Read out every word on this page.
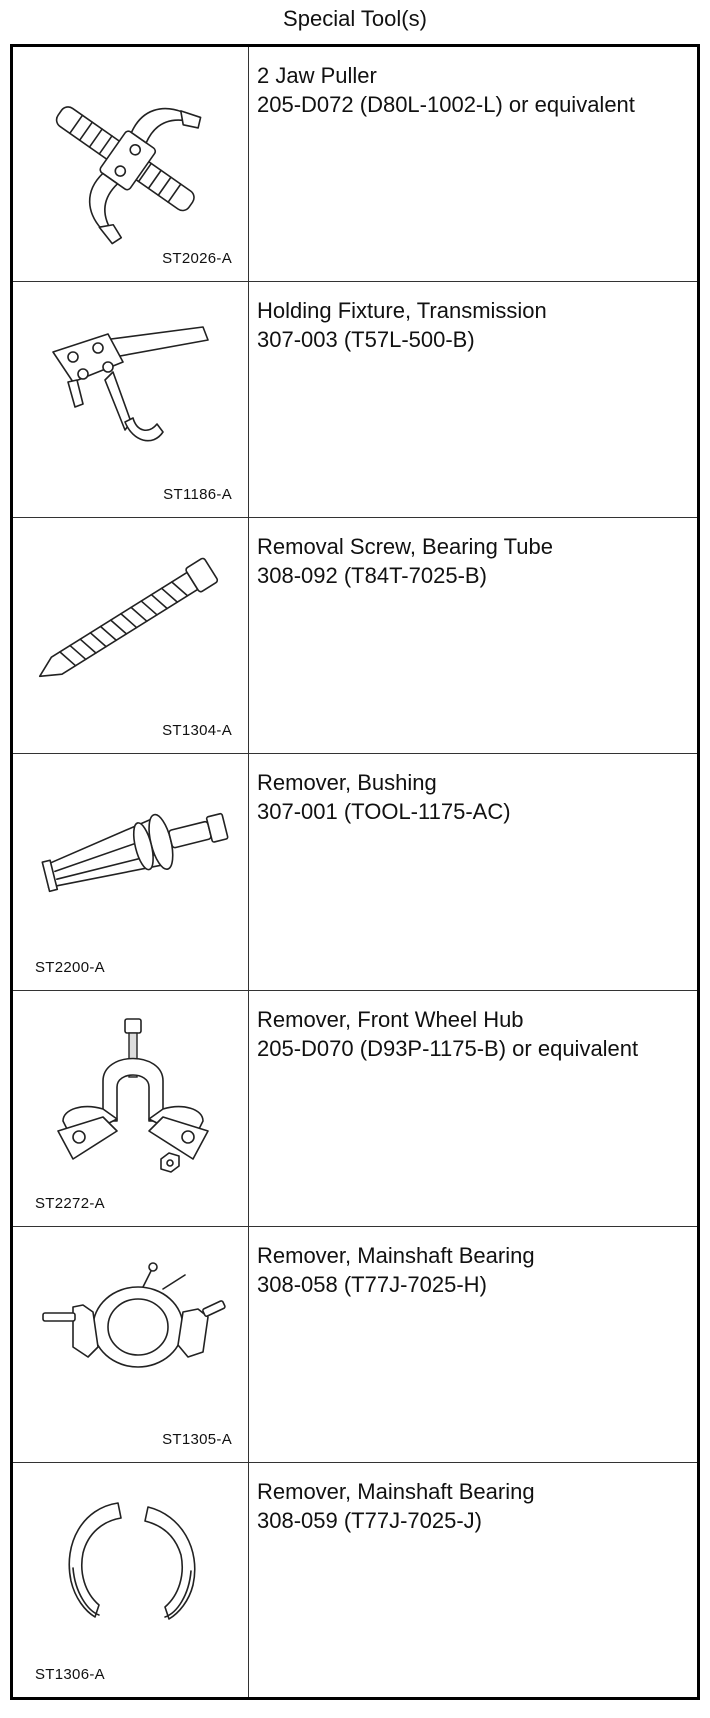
Special Tool(s)
ST2026-A	2 Jaw Puller
205-D072 (D80L-1002-L) or equivalent

ST1186-A	Holding Fixture, Transmission
307-003 (T57L-500-B)

ST1304-A	Removal Screw, Bearing Tube
308-092 (T84T-7025-B)

ST2200-A	Remover, Bushing
307-001 (TOOL-1175-AC)

ST2272-A	Remover, Front Wheel Hub
205-D070 (D93P-1175-B) or equivalent

ST1305-A	Remover, Mainshaft Bearing
308-058 (T77J-7025-H)

ST1306-A	Remover, Mainshaft Bearing
308-059 (T77J-7025-J)
